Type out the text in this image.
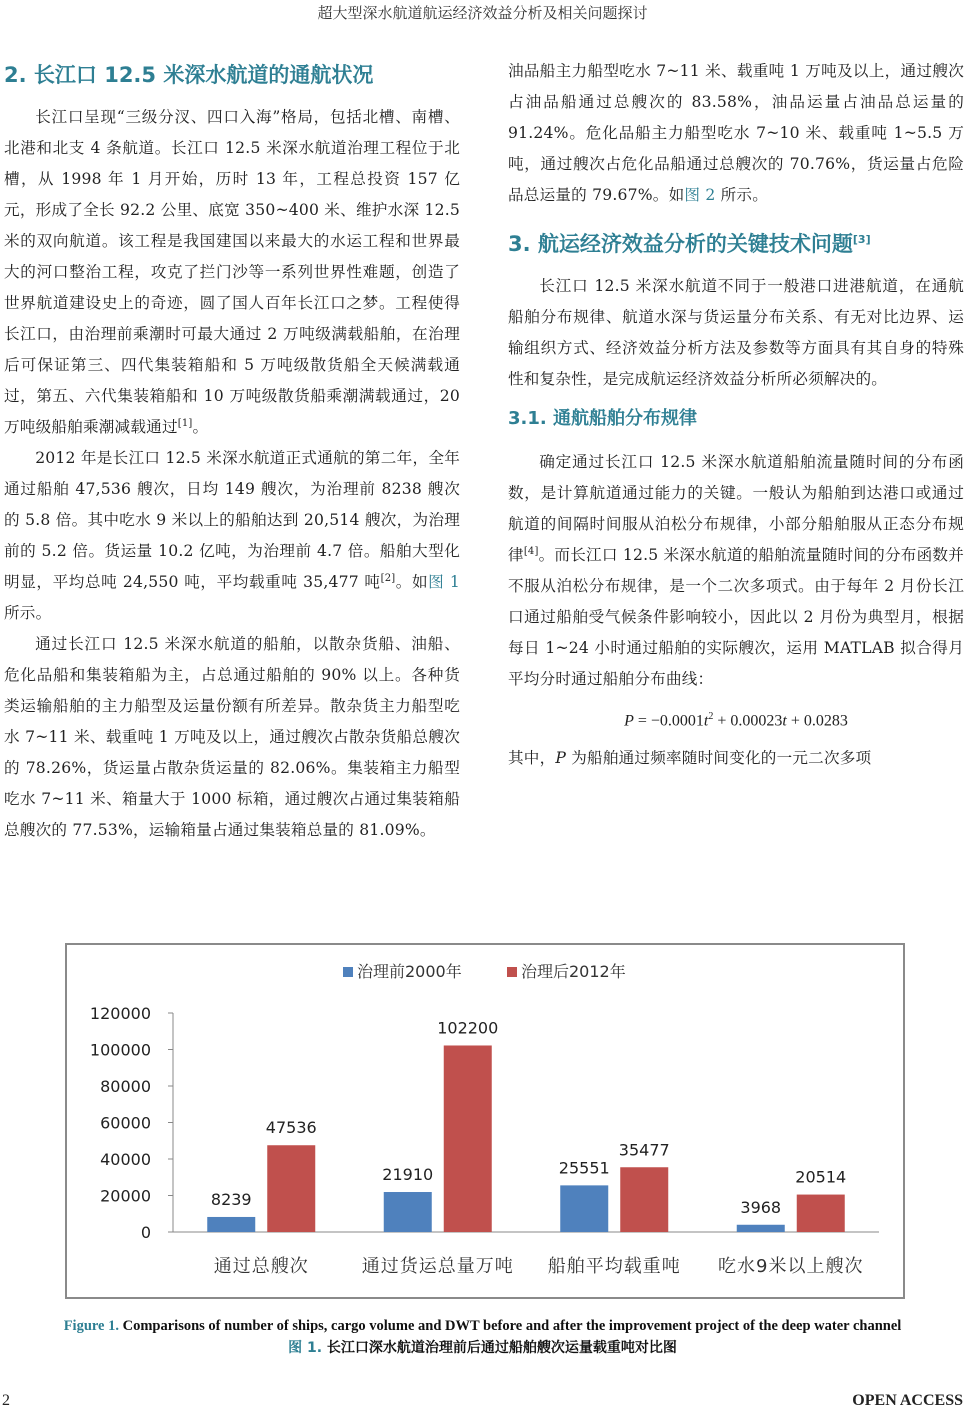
超大型深水航道航运经济效益分析及相关问题探讨
2. 长江口 12.5 米深水航道的通航状况

长江口呈现“三级分汊、四口入海”格局，包括北槽、南槽、北港和北支 4 条航道。长江口 12.5 米深水航道治理工程位于北槽，从 1998 年 1 月开始，历时 13 年，工程总投资 157 亿元，形成了全长 92.2 公里、底宽 350~400 米、维护水深 12.5 米的双向航道。该工程是我国建国以来最大的水运工程和世界最大的河口整治工程，攻克了拦门沙等一系列世界性难题，创造了世界航道建设史上的奇迹，圆了国人百年长江口之梦。工程使得长江口，由治理前乘潮时可最大通过 2 万吨级满载船舶，在治理后可保证第三、四代集装箱船和 5 万吨级散货船全天候满载通过，第五、六代集装箱船和 10 万吨级散货船乘潮满载通过，20 万吨级船舶乘潮减载通过[1]。

2012 年是长江口 12.5 米深水航道正式通航的第二年，全年通过船舶 47,536 艘次，日均 149 艘次，为治理前 8238 艘次的 5.8 倍。其中吃水 9 米以上的船舶达到 20,514 艘次，为治理前的 5.2 倍。货运量 10.2 亿吨，为治理前 4.7 倍。船舶大型化明显，平均总吨 24,550 吨，平均载重吨 35,477 吨[2]。如图 1 所示。

通过长江口 12.5 米深水航道的船舶，以散杂货船、油船、危化品船和集装箱船为主，占总通过船舶的 90% 以上。各种货类运输船舶的主力船型及运量份额有所差异。散杂货主力船型吃水 7~11 米、载重吨 1 万吨及以上，通过艘次占散杂货船总艘次的 78.26%，货运量占散杂货运量的 82.06%。集装箱主力船型吃水 7~11 米、箱量大于 1000 标箱，通过艘次占通过集装箱船总艘次的 77.53%，运输箱量占通过集装箱总量的 81.09%。

油品船主力船型吃水 7~11 米、载重吨 1 万吨及以上，通过艘次占油品船通过总艘次的 83.58%，油品运量占油品总运量的 91.24%。危化品船主力船型吃水 7~10 米、载重吨 1~5.5 万吨，通过艘次占危化品船通过总艘次的 70.76%，货运量占危险品总运量的 79.67%。如图 2 所示。

3. 航运经济效益分析的关键技术问题[3]

长江口 12.5 米深水航道不同于一般港口进港航道，在通航船舶分布规律、航道水深与货运量分布关系、有无对比边界、运输组织方式、经济效益分析方法及参数等方面具有其自身的特殊性和复杂性，是完成航运经济效益分析所必须解决的。

3.1. 通航船舶分布规律

确定通过长江口 12.5 米深水航道船舶流量随时间的分布函数，是计算航道通过能力的关键。一般认为船舶到达港口或通过航道的间隔时间服从泊松分布规律，小部分船舶服从正态分布规律[4]。而长江口 12.5 米深水航道的船舶流量随时间的分布函数并不服从泊松分布规律，是一个二次多项式。由于每年 2 月份长江口通过船舶受气候条件影响较小，因此以 2 月份为典型月，根据每日 1~24 小时通过船舶的实际艘次，运用 MATLAB 拟合得月平均分时通过船舶分布曲线：

$P = -0.0001t^2 + 0.00023t + 0.0283$

其中，P 为船舶通过频率随时间变化的一元二次多项

治理前2000年	治理后2012年
0
20000
40000
60000
80000
100000
120000
8239
47536
通过总艘次
21910
102200
通过货运总量万吨
25551
35477
船舶平均载重吨
3968
20514
吃水9米以上艘次
Figure 1. Comparisons of number of ships, cargo volume and DWT before and after the improvement project of the deep water channel
图 1. 长江口深水航道治理前后通过船舶艘次运量载重吨对比图
2	OPEN ACCESS
